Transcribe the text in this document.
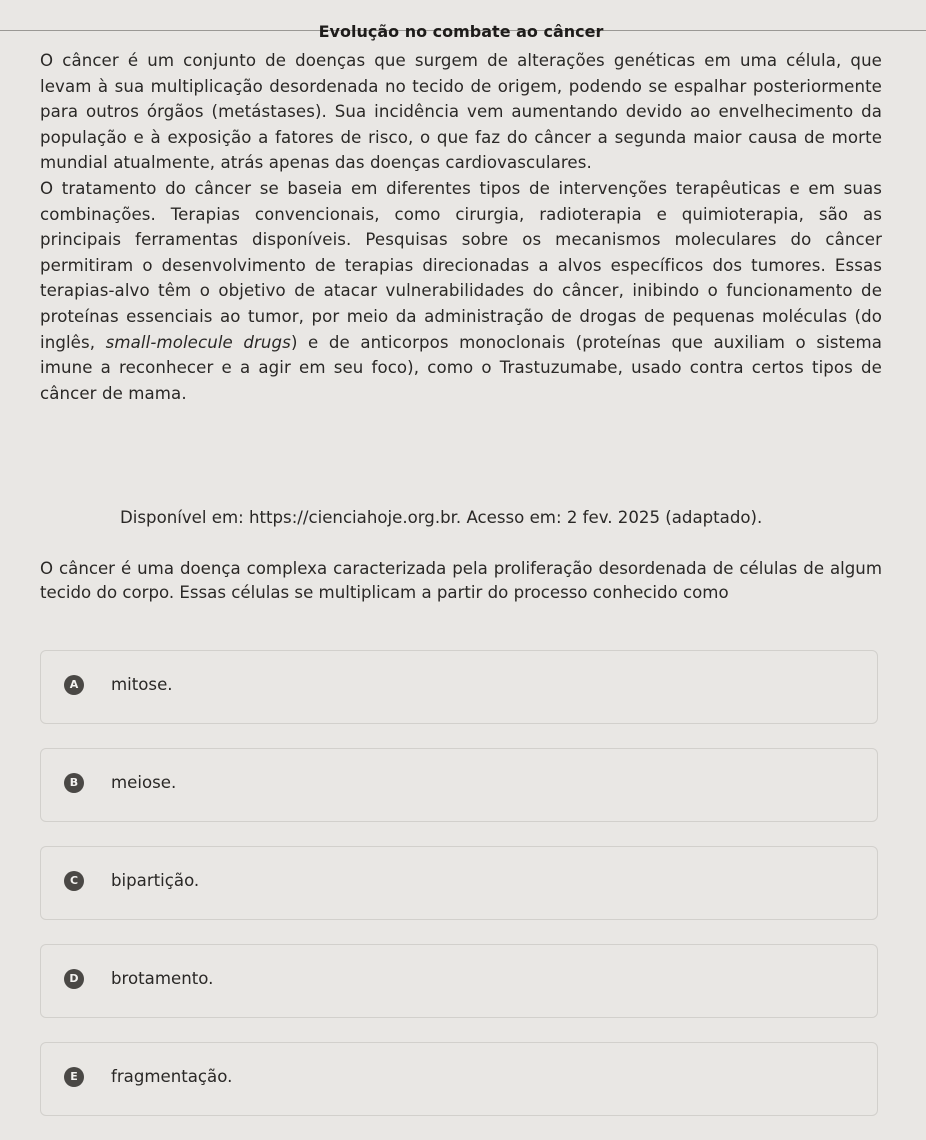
Evolução no combate ao câncer

O câncer é um conjunto de doenças que surgem de alterações genéticas em uma célula, que levam à sua multiplicação desordenada no tecido de origem, podendo se espalhar posteriormente para outros órgãos (metástases). Sua incidência vem aumentando devido ao envelhecimento da população e à exposição a fatores de risco, o que faz do câncer a segunda maior causa de morte mundial atualmente, atrás apenas das doenças cardiovasculares.

O tratamento do câncer se baseia em diferentes tipos de intervenções terapêuticas e em suas combinações. Terapias convencionais, como cirurgia, radioterapia e quimioterapia, são as principais ferramentas disponíveis. Pesquisas sobre os mecanismos moleculares do câncer permitiram o desenvolvimento de terapias direcionadas a alvos específicos dos tumores. Essas terapias-alvo têm o objetivo de atacar vulnerabilidades do câncer, inibindo o funcionamento de proteínas essenciais ao tumor, por meio da administração de drogas de pequenas moléculas (do inglês, small-molecule drugs) e de anticorpos monoclonais (proteínas que auxiliam o sistema imune a reconhecer e a agir em seu foco), como o Trastuzumabe, usado contra certos tipos de câncer de mama.

Disponível em: https://cienciahoje.org.br. Acesso em: 2 fev. 2025 (adaptado).

O câncer é uma doença complexa caracterizada pela proliferação desordenada de células de algum tecido do corpo. Essas células se multiplicam a partir do processo conhecido como

A	mitose.
B	meiose.
C	bipartição.
D	brotamento.
E	fragmentação.
